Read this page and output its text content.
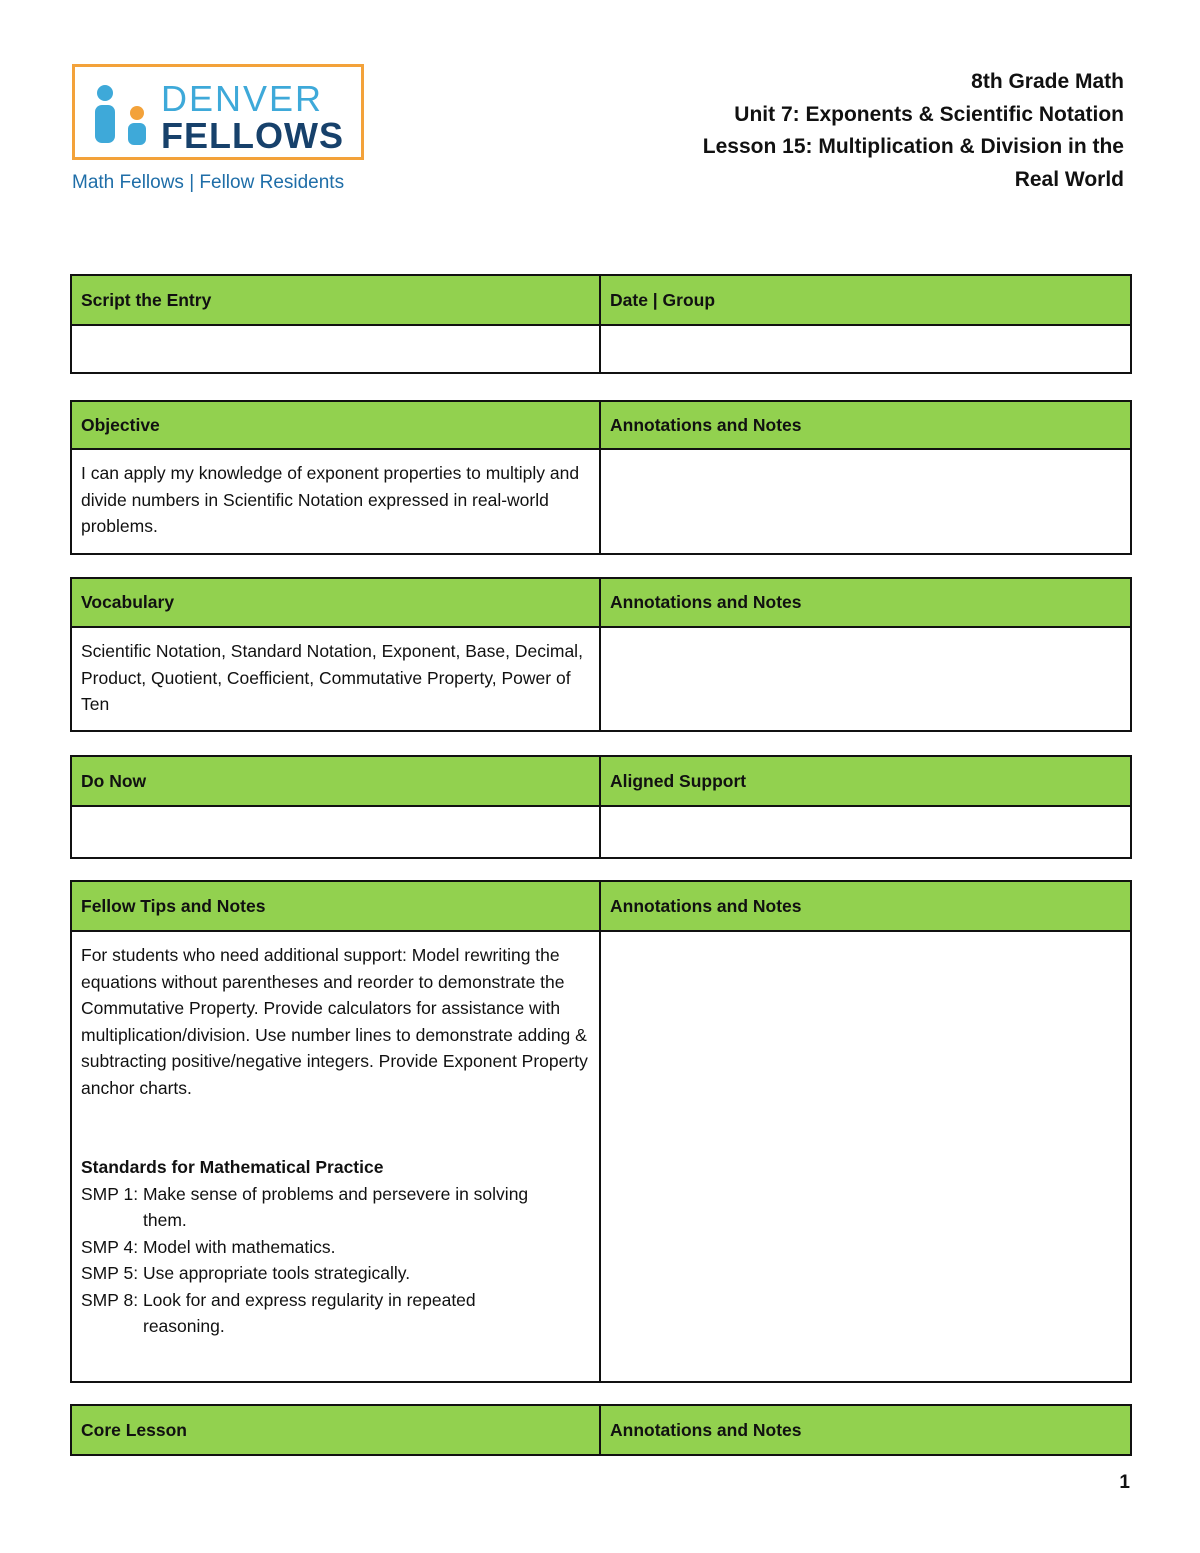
DENVER
FELLOWS
Math Fellows | Fellow Residents
8th Grade Math
Unit 7: Exponents & Scientific Notation
Lesson 15: Multiplication & Division in the
Real World
Script the Entry	Date | Group
Objective	Annotations and Notes
I can apply my knowledge of exponent properties to multiply and divide numbers in Scientific Notation expressed in real-world problems.
Vocabulary	Annotations and Notes
Scientific Notation, Standard Notation, Exponent, Base, Decimal, Product, Quotient, Coefficient, Commutative Property, Power of Ten
Do Now	Aligned Support
Fellow Tips and Notes	Annotations and Notes
For students who need additional support: Model rewriting the equations without parentheses and reorder to demonstrate the Commutative Property. Provide calculators for assistance with multiplication/division. Use number lines to demonstrate adding & subtracting positive/negative integers. Provide Exponent Property anchor charts.
Standards for Mathematical Practice
SMP 1: Make sense of problems and persevere in solving
them.
SMP 4: Model with mathematics.
SMP 5: Use appropriate tools strategically.
SMP 8: Look for and express regularity in repeated
reasoning.
Core Lesson	Annotations and Notes
1
